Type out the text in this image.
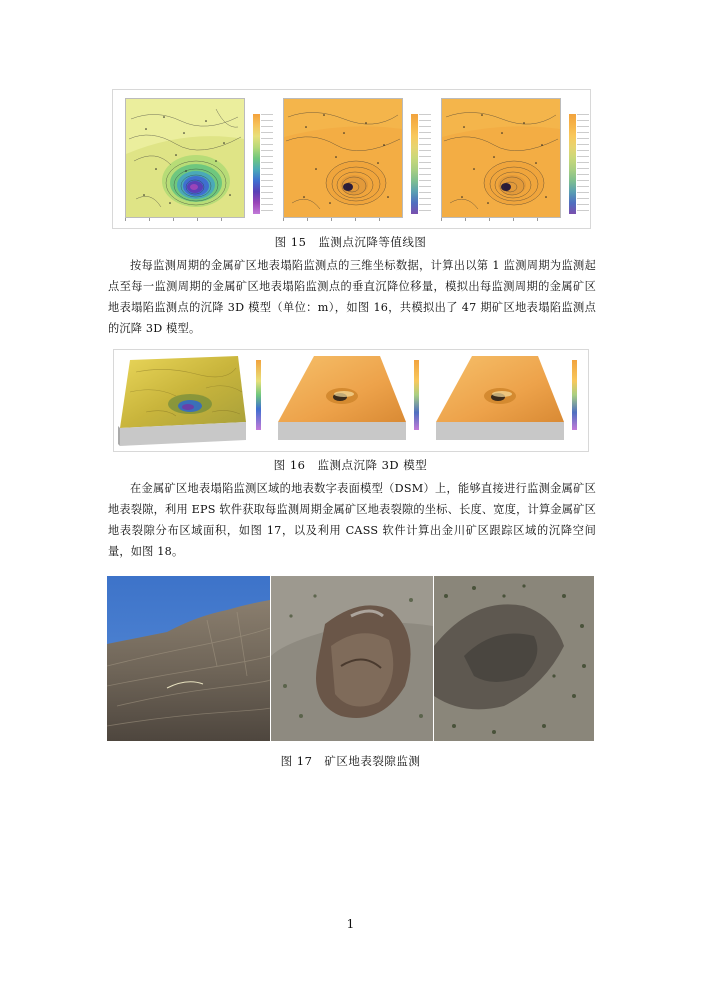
图 15　监测点沉降等值线图

按每监测周期的金属矿区地表塌陷监测点的三维坐标数据，计算出以第 1 监测周期为监测起点至每一监测周期的金属矿区地表塌陷监测点的垂直沉降位移量，模拟出每监测周期的金属矿区地表塌陷监测点的沉降 3D 模型（单位：m），如图 16，共模拟出了 47 期矿区地表塌陷监测点的沉降 3D 模型。

图 16　监测点沉降 3D 模型

在金属矿区地表塌陷监测区域的地表数字表面模型（DSM）上，能够直接进行监测金属矿区地表裂隙，利用 EPS 软件获取每监测周期金属矿区地表裂隙的坐标、长度、宽度，计算金属矿区地表裂隙分布区域面积，如图 17，以及利用 CASS 软件计算出金川矿区跟踪区域的沉降空间量，如图 18。

图 17　矿区地表裂隙监测
1
